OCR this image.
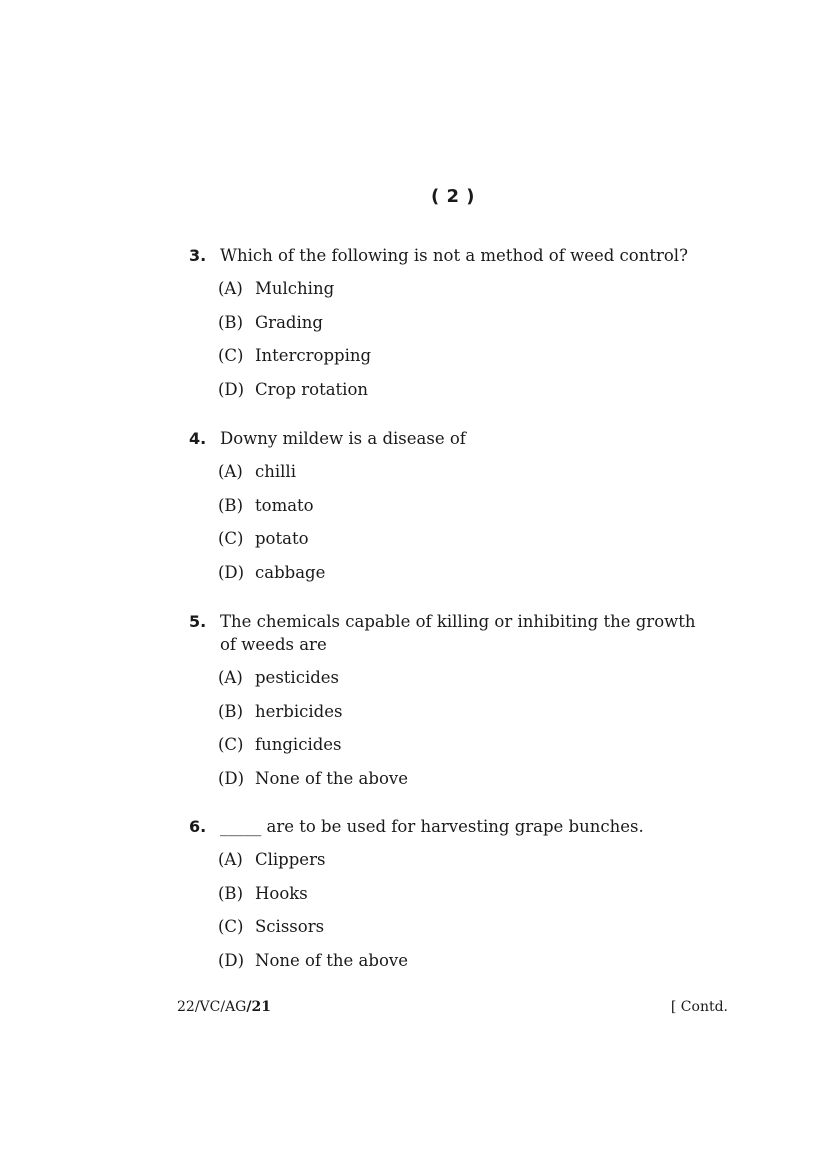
( 2 )
3. Which of the following is not a method of weed control?
(A) Mulching
(B) Grading
(C) Intercropping
(D) Crop rotation
4. Downy mildew is a disease of
(A) chilli
(B) tomato
(C) potato
(D) cabbage
5. The chemicals capable of killing or inhibiting the growth of weeds are
(A) pesticides
(B) herbicides
(C) fungicides
(D) None of the above
6. _____ are to be used for harvesting grape bunches.
(A) Clippers
(B) Hooks
(C) Scissors
(D) None of the above
22/VC/AG/21	[ Contd.
